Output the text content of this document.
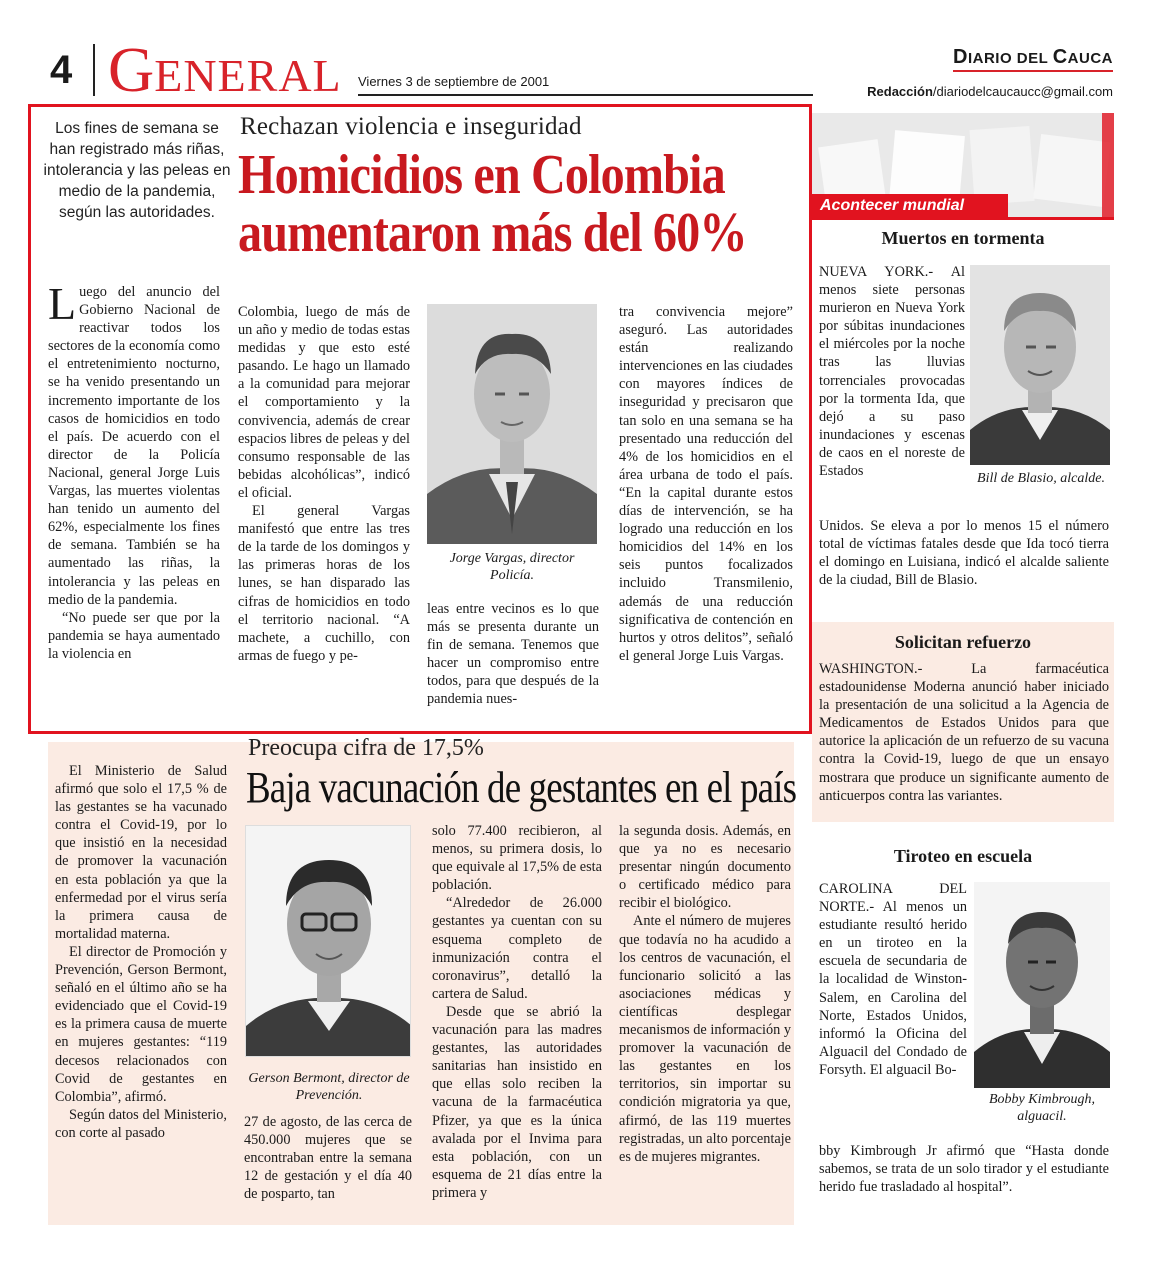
4 GENERAL Viernes 3 de septiembre de 2001
DIARIO DEL CAUCA
Redacción/diariodelcaucaucc@gmail.com
Los fines de semana se han registrado más riñas, intolerancia y las peleas en medio de la pandemia, según las autoridades.
Rechazan violencia e inseguridad
Homicidios en Colombia
aumentaron más del 60%

Luego del anuncio del Gobierno Nacional de reactivar todos los sectores de la economía como el entretenimiento nocturno, se ha venido presentando un incremento importante de los casos de homicidios en todo el país. De acuerdo con el director de la Policía Nacional, general Jorge Luis Vargas, las muertes violentas han tenido un aumento del 62%, especialmente los fines de semana. También se ha aumentado las riñas, la intolerancia y las peleas en medio de la pandemia.

“No puede ser que por la pandemia se haya aumentado la violencia en

Colombia, luego de más de un año y medio de todas estas medidas y que esto esté pasando. Le hago un llamado a la comunidad para mejorar el comportamiento y la convivencia, además de crear espacios libres de peleas y del consumo responsable de las bebidas alcohólicas”, indicó el oficial.

El general Vargas manifestó que entre las tres de la tarde de los domingos y las primeras horas de los lunes, se han disparado las cifras de homicidios en todo el territorio nacional. “A machete, a cuchillo, con armas de fuego y pe-

Jorge Vargas, director Policía.

leas entre vecinos es lo que más se presenta durante un fin de semana. Tenemos que hacer un compromiso entre todos, para que después de la pandemia nues-

tra convivencia mejore” aseguró. Las autoridades están realizando intervenciones en las ciudades con mayores índices de inseguridad y precisaron que tan solo en una semana se ha presentado una reducción del 4% de los homicidios en el área urbana de todo el país. “En la capital durante estos días de intervención, se ha logrado una reducción en los homicidios del 14% en los seis puntos focalizados incluido Transmilenio, además de una reducción significativa de contención en hurtos y otros delitos”, señaló el general Jorge Luis Vargas.

Preocupa cifra de 17,5%
Baja vacunación de gestantes en el país

El Ministerio de Salud afirmó que solo el 17,5 % de las gestantes se ha vacunado contra el Covid-19, por lo que insistió en la necesidad de promover la vacunación en esta población ya que la enfermedad por el virus sería la primera causa de mortalidad materna.

El director de Promoción y Prevención, Gerson Bermont, señaló en el último año se ha evidenciado que el Covid-19 es la primera causa de muerte en mujeres gestantes: “119 decesos relacionados con Covid de gestantes en Colombia”, afirmó.

Según datos del Ministerio, con corte al pasado

Gerson Bermont, director de Prevención.

27 de agosto, de las cerca de 450.000 mujeres que se encontraban entre la semana 12 de gestación y el día 40 de posparto, tan

solo 77.400 recibieron, al menos, su primera dosis, lo que equivale al 17,5% de esta población.

“Alrededor de 26.000 gestantes ya cuentan con su esquema completo de inmunización contra el coronavirus”, detalló la cartera de Salud.

Desde que se abrió la vacunación para las madres gestantes, las autoridades sanitarias han insistido en que ellas solo reciben la vacuna de la farmacéutica Pfizer, ya que es la única avalada por el Invima para esta población, con un esquema de 21 días entre la primera y

la segunda dosis. Además, en que ya no es necesario presentar ningún documento o certificado médico para recibir el biológico.

Ante el número de mujeres que todavía no ha acudido a los centros de vacunación, el funcionario solicitó a las asociaciones médicas y científicas desplegar mecanismos de información y promover la vacunación de las gestantes en los territorios, sin importar su condición migratoria ya que, afirmó, de las 119 muertes registradas, un alto porcentaje es de mujeres migrantes.

Acontecer mundial
Muertos en tormenta
NUEVA YORK.- Al menos siete personas murieron en Nueva York por súbitas inundaciones el miércoles por la noche tras las lluvias torrenciales provocadas por la tormenta Ida, que dejó a su paso inundaciones y escenas de caos en el noreste de Estados	Bill de Blasio, alcalde.
Unidos. Se eleva a por lo menos 15 el número total de víctimas fatales desde que Ida tocó tierra el domingo en Luisiana, indicó el alcalde saliente de la ciudad, Bill de Blasio.
Solicitan refuerzo
WASHINGTON.- La farmacéutica estadounidense Moderna anunció haber iniciado la presentación de una solicitud a la Agencia de Medicamentos de Estados Unidos para que autorice la aplicación de un refuerzo de su vacuna contra la Covid-19, luego de que un ensayo mostrara que produce un significante aumento de anticuerpos contra las variantes.
Tiroteo en escuela
CAROLINA DEL NORTE.- Al menos un estudiante resultó herido en un tiroteo en la escuela de secundaria de la localidad de Winston-Salem, en Carolina del Norte, Estados Unidos, informó la Oficina del Alguacil del Condado de Forsyth. El alguacil Bo-
Bobby Kimbrough, alguacil.
bby Kimbrough Jr afirmó que “Hasta donde sabemos, se trata de un solo tirador y el estudiante herido fue trasladado al hospital”.
